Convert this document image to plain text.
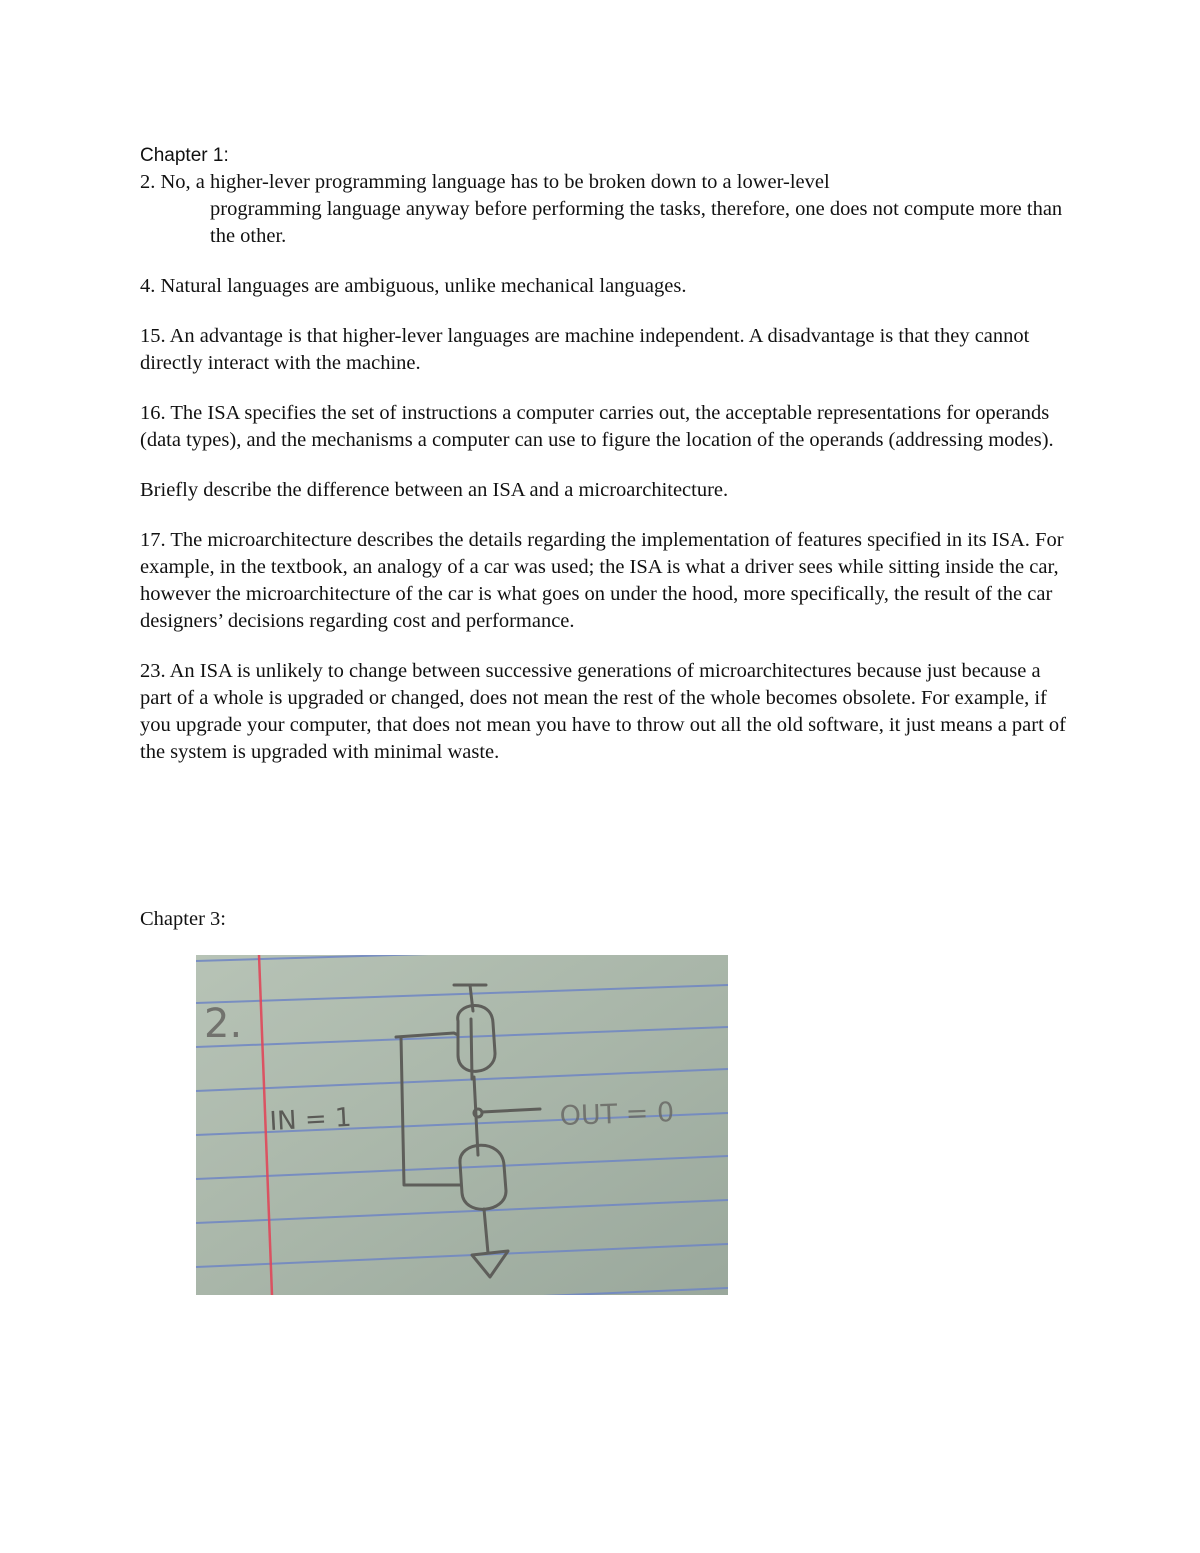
Chapter 1:

2. No, a higher-lever programming language has to be broken down to a lower-level
programming language anyway before performing the tasks, therefore, one does not compute more than the other.

4. Natural languages are ambiguous, unlike mechanical languages.

15. An advantage is that higher-lever languages are machine independent. A disadvantage is that they cannot directly interact with the machine.

16. The ISA specifies the set of instructions a computer carries out, the acceptable representations for operands (data types), and the mechanisms a computer can use to figure the location of the operands (addressing modes).

Briefly describe the difference between an ISA and a microarchitecture.

17. The microarchitecture describes the details regarding the implementation of features specified in its ISA. For example, in the textbook, an analogy of a car was used; the ISA is what a driver sees while sitting inside the car, however the microarchitecture of the car is what goes on under the hood, more specifically, the result of the car designers’ decisions regarding cost and performance.

23. An ISA is unlikely to change between successive generations of microarchitectures because just because a part of a whole is upgraded or changed, does not mean the rest of the whole becomes obsolete. For example, if you upgrade your computer, that does not mean you have to throw out all the old software, it just means a part of the system is upgraded with minimal waste.

Chapter 3:

2.
IN = 1	OUT = 0
